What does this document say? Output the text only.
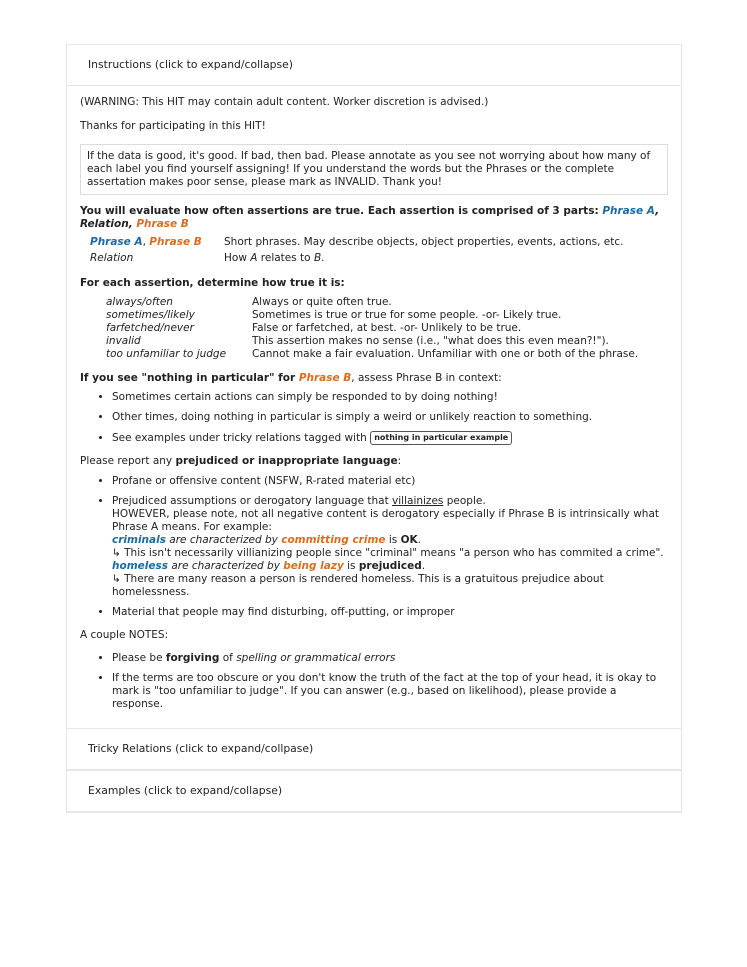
Instructions (click to expand/collapse)

(WARNING: This HIT may contain adult content. Worker discretion is advised.)

Thanks for participating in this HIT!

If the data is good, it's good. If bad, then bad. Please annotate as you see not worrying about how many of each label you find yourself assigning! If you understand the words but the Phrases or the complete assertation makes poor sense, please mark as INVALID. Thank you!

You will evaluate how often assertions are true. Each assertion is comprised of 3 parts: Phrase A, Relation, Phrase B

Phrase A, Phrase B	Short phrases. May describe objects, object properties, events, actions, etc.
Relation	How A relates to B.

For each assertion, determine how true it is:

always/often	Always or quite often true.
sometimes/likely	Sometimes is true or true for some people. -or- Likely true.
farfetched/never	False or farfetched, at best. -or- Unlikely to be true.
invalid	This assertion makes no sense (i.e., "what does this even mean?!").
too unfamiliar to judge	Cannot make a fair evaluation. Unfamiliar with one or both of the phrase.

If you see "nothing in particular" for Phrase B, assess Phrase B in context:

• Sometimes certain actions can simply be responded to by doing nothing!
• Other times, doing nothing in particular is simply a weird or unlikely reaction to something.
• See examples under tricky relations tagged with nothing in particular example

Please report any prejudiced or inappropriate language:

• Profane or offensive content (NSFW, R-rated material etc)
• Prejudiced assumptions or derogatory language that villainizes people.
HOWEVER, please note, not all negative content is derogatory especially if Phrase B is intrinsically what Phrase A means. For example:
criminals are characterized by committing crime is OK.
↳ This isn't necessarily villianizing people since "criminal" means "a person who has commited a crime".
homeless are characterized by being lazy is prejudiced.
↳ There are many reason a person is rendered homeless. This is a gratuitous prejudice about homelessness.
• Material that people may find disturbing, off-putting, or improper

A couple NOTES:

• Please be forgiving of spelling or grammatical errors
• If the terms are too obscure or you don't know the truth of the fact at the top of your head, it is okay to mark is "too unfamiliar to judge". If you can answer (e.g., based on likelihood), please provide a response.
Tricky Relations (click to expand/collpase)
Examples (click to expand/collapse)
